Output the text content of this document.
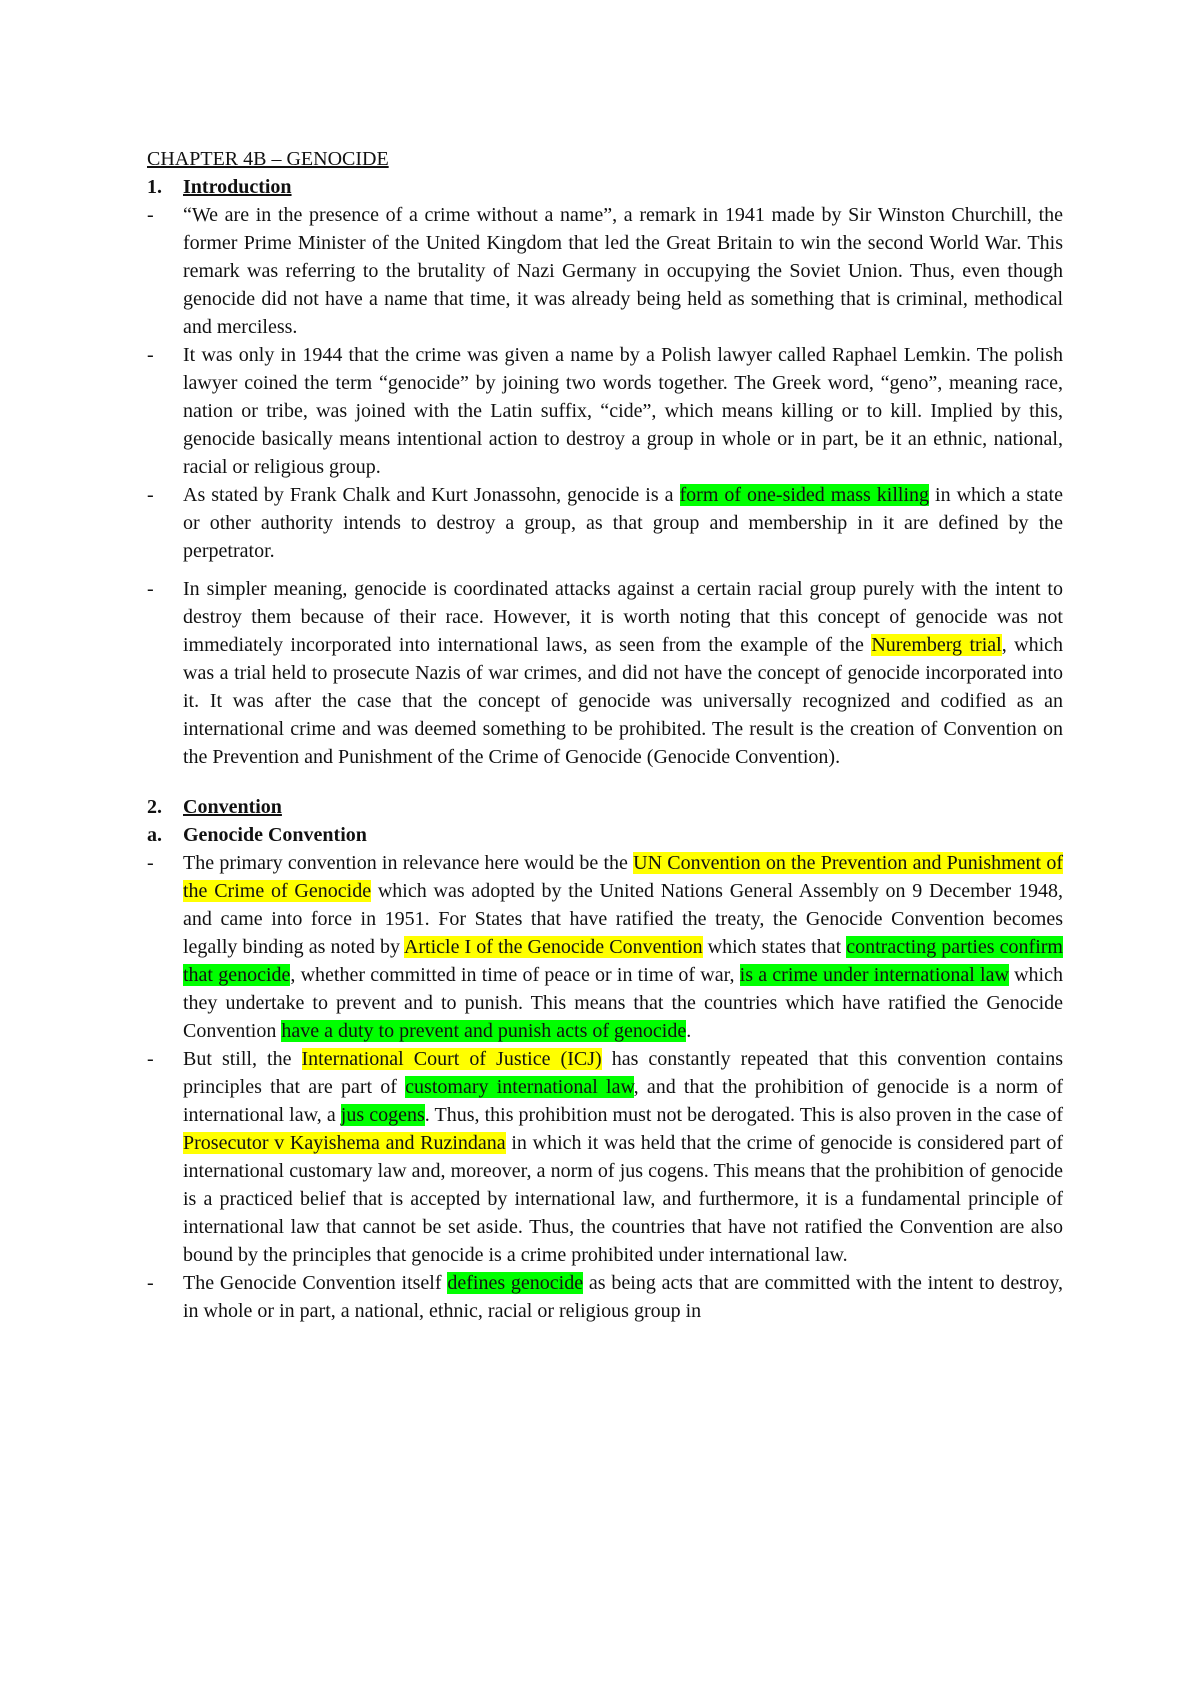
CHAPTER 4B – GENOCIDE

1.	Introduction

-	“We are in the presence of a crime without a name”, a remark in 1941 made by Sir Winston Churchill, the former Prime Minister of the United Kingdom that led the Great Britain to win the second World War. This remark was referring to the brutality of Nazi Germany in occupying the Soviet Union. Thus, even though genocide did not have a name that time, it was already being held as something that is criminal, methodical and merciless.

-	It was only in 1944 that the crime was given a name by a Polish lawyer called Raphael Lemkin. The polish lawyer coined the term “genocide” by joining two words together. The Greek word, “geno”, meaning race, nation or tribe, was joined with the Latin suffix, “cide”, which means killing or to kill. Implied by this, genocide basically means intentional action to destroy a group in whole or in part, be it an ethnic, national, racial or religious group.

-	As stated by Frank Chalk and Kurt Jonassohn, genocide is a form of one-sided mass killing in which a state or other authority intends to destroy a group, as that group and membership in it are defined by the perpetrator.

-	In simpler meaning, genocide is coordinated attacks against a certain racial group purely with the intent to destroy them because of their race. However, it is worth noting that this concept of genocide was not immediately incorporated into international laws, as seen from the example of the Nuremberg trial, which was a trial held to prosecute Nazis of war crimes, and did not have the concept of genocide incorporated into it. It was after the case that the concept of genocide was universally recognized and codified as an international crime and was deemed something to be prohibited. The result is the creation of Convention on the Prevention and Punishment of the Crime of Genocide (Genocide Convention).

2.	Convention

a.	Genocide Convention

-	The primary convention in relevance here would be the UN Convention on the Prevention and Punishment of the Crime of Genocide which was adopted by the United Nations General Assembly on 9 December 1948, and came into force in 1951. For States that have ratified the treaty, the Genocide Convention becomes legally binding as noted by Article I of the Genocide Convention which states that contracting parties confirm that genocide, whether committed in time of peace or in time of war, is a crime under international law which they undertake to prevent and to punish. This means that the countries which have ratified the Genocide Convention have a duty to prevent and punish acts of genocide.

-	But still, the International Court of Justice (ICJ) has constantly repeated that this convention contains principles that are part of customary international law, and that the prohibition of genocide is a norm of international law, a jus cogens. Thus, this prohibition must not be derogated. This is also proven in the case of Prosecutor v Kayishema and Ruzindana in which it was held that the crime of genocide is considered part of international customary law and, moreover, a norm of jus cogens. This means that the prohibition of genocide is a practiced belief that is accepted by international law, and furthermore, it is a fundamental principle of international law that cannot be set aside. Thus, the countries that have not ratified the Convention are also bound by the principles that genocide is a crime prohibited under international law.

-	The Genocide Convention itself defines genocide as being acts that are committed with the intent to destroy, in whole or in part, a national, ethnic, racial or religious group in
